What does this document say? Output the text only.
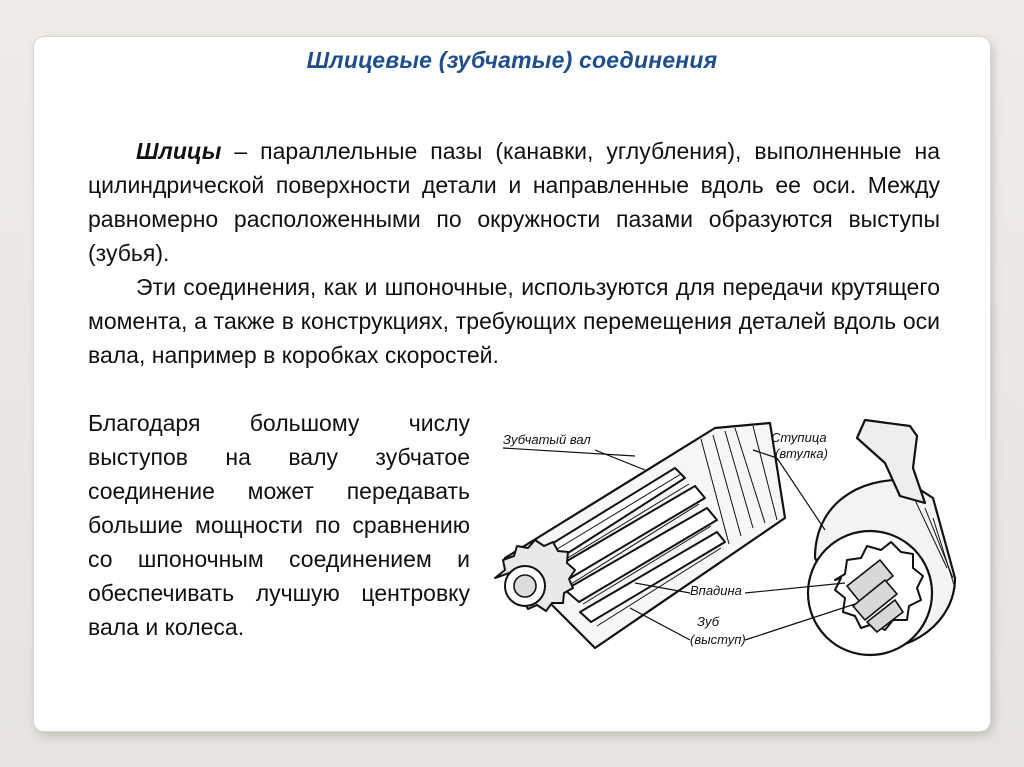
Шлицевые (зубчатые) соединения
Шлицы – параллельные пазы (канавки, углубления), выполненные на цилиндрической поверхности детали и направленные вдоль ее оси. Между равномерно расположенными по окружности пазами образуются выступы (зубья).
Эти соединения, как и шпоночные, используются для передачи крутящего момента, а также в конструкциях, требующих перемещения деталей вдоль оси вала, например в коробках скоростей.
Благодаря большому числу выступов на валу зубчатое соединение может передавать большие мощности по сравнению со шпоночным соединением и обеспечивать лучшую центровку вала и колеса.
Зубчатый вал	Ступица
(втулка)
Впадина
Зуб
(выступ)
